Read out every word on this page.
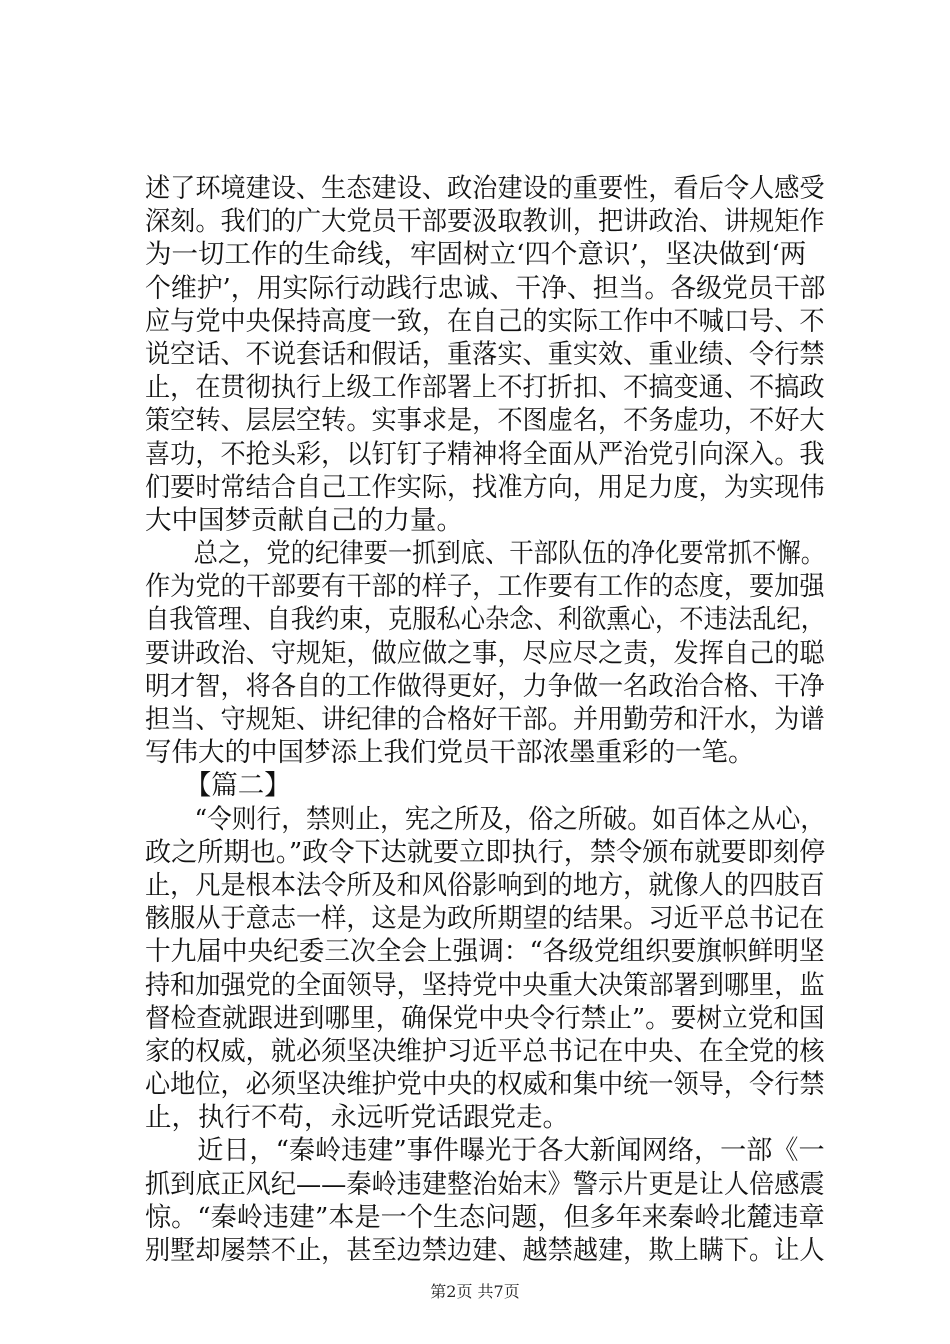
述了环境建设、生态建设、政治建设的重要性，看后令人感受
深刻。我们的广大党员干部要汲取教训，把讲政治、讲规矩作
为一切工作的生命线，牢固树立‘四个意识’，坚决做到‘两
个维护’，用实际行动践行忠诚、干净、担当。各级党员干部
应与党中央保持高度一致，在自己的实际工作中不喊口号、不
说空话、不说套话和假话，重落实、重实效、重业绩、令行禁
止，在贯彻执行上级工作部署上不打折扣、不搞变通、不搞政
策空转、层层空转。实事求是，不图虚名，不务虚功，不好大
喜功，不抢头彩，以钉钉子精神将全面从严治党引向深入。我
们要时常结合自己工作实际，找准方向，用足力度，为实现伟
大中国梦贡献自己的力量。
　　总之，党的纪律要一抓到底、干部队伍的净化要常抓不懈。
作为党的干部要有干部的样子，工作要有工作的态度，要加强
自我管理、自我约束，克服私心杂念、利欲熏心，不违法乱纪，
要讲政治、守规矩，做应做之事，尽应尽之责，发挥自己的聪
明才智，将各自的工作做得更好，力争做一名政治合格、干净
担当、守规矩、讲纪律的合格好干部。并用勤劳和汗水，为谱
写伟大的中国梦添上我们党员干部浓墨重彩的一笔。
　　【篇二】
　　“令则行，禁则止，宪之所及，俗之所破。如百体之从心，
政之所期也。”政令下达就要立即执行，禁令颁布就要即刻停
止，凡是根本法令所及和风俗影响到的地方，就像人的四肢百
骸服从于意志一样，这是为政所期望的结果。习近平总书记在
十九届中央纪委三次全会上强调：“各级党组织要旗帜鲜明坚
持和加强党的全面领导，坚持党中央重大决策部署到哪里，监
督检查就跟进到哪里，确保党中央令行禁止”。要树立党和国
家的权威，就必须坚决维护习近平总书记在中央、在全党的核
心地位，必须坚决维护党中央的权威和集中统一领导，令行禁
止，执行不苟，永远听党话跟党走。
　　近日，“秦岭违建”事件曝光于各大新闻网络，一部《一
抓到底正风纪——秦岭违建整治始末》警示片更是让人倍感震
惊。“秦岭违建”本是一个生态问题，但多年来秦岭北麓违章
别墅却屡禁不止，甚至边禁边建、越禁越建，欺上瞒下。让人
第2页 共7页
